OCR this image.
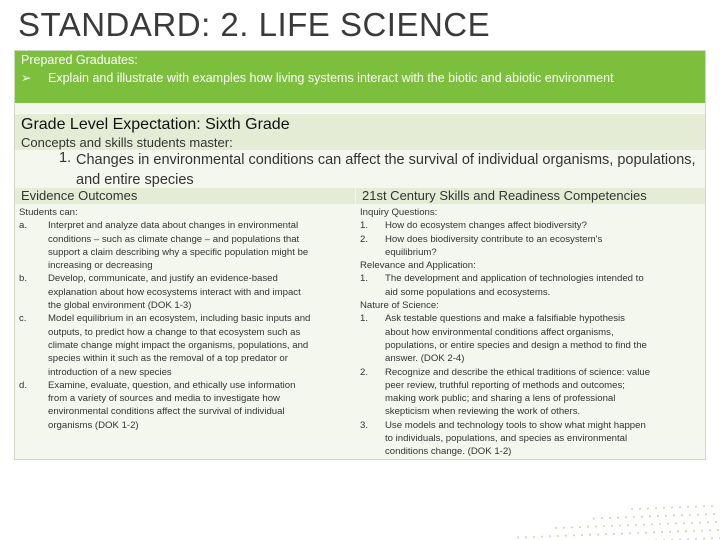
STANDARD: 2. LIFE SCIENCE
Prepared Graduates:
➢ Explain and illustrate with examples how living systems interact with the biotic and abiotic environment
Grade Level Expectation: Sixth Grade
Concepts and skills students master:
1. Changes in environmental conditions can affect the survival of individual organisms, populations, and entire species
Evidence Outcomes	21st Century Skills and Readiness Competencies
Students can:
a. Interpret and analyze data about changes in environmental
conditions – such as climate change – and populations that
support a claim describing why a specific population might be
increasing or decreasing
b. Develop, communicate, and justify an evidence-based
explanation about how ecosystems interact with and impact
the global environment (DOK 1-3)
c. Model equilibrium in an ecosystem, including basic inputs and
outputs, to predict how a change to that ecosystem such as
climate change might impact the organisms, populations, and
species within it such as the removal of a top predator or
introduction of a new species
d. Examine, evaluate, question, and ethically use information
from a variety of sources and media to investigate how
environmental conditions affect the survival of individual
organisms (DOK 1-2)
Inquiry Questions:
1. How do ecosystem changes affect biodiversity?
2. How does biodiversity contribute to an ecosystem's
equilibrium?
Relevance and Application:
1. The development and application of technologies intended to
aid some populations and ecosystems.
Nature of Science:
1. Ask testable questions and make a falsifiable hypothesis
about how environmental conditions affect organisms,
populations, or entire species and design a method to find the
answer. (DOK 2-4)
2. Recognize and describe the ethical traditions of science: value
peer review, truthful reporting of methods and outcomes;
making work public; and sharing a lens of professional
skepticism when reviewing the work of others.
3. Use models and technology tools to show what might happen
to individuals, populations, and species as environmental
conditions change. (DOK 1-2)
